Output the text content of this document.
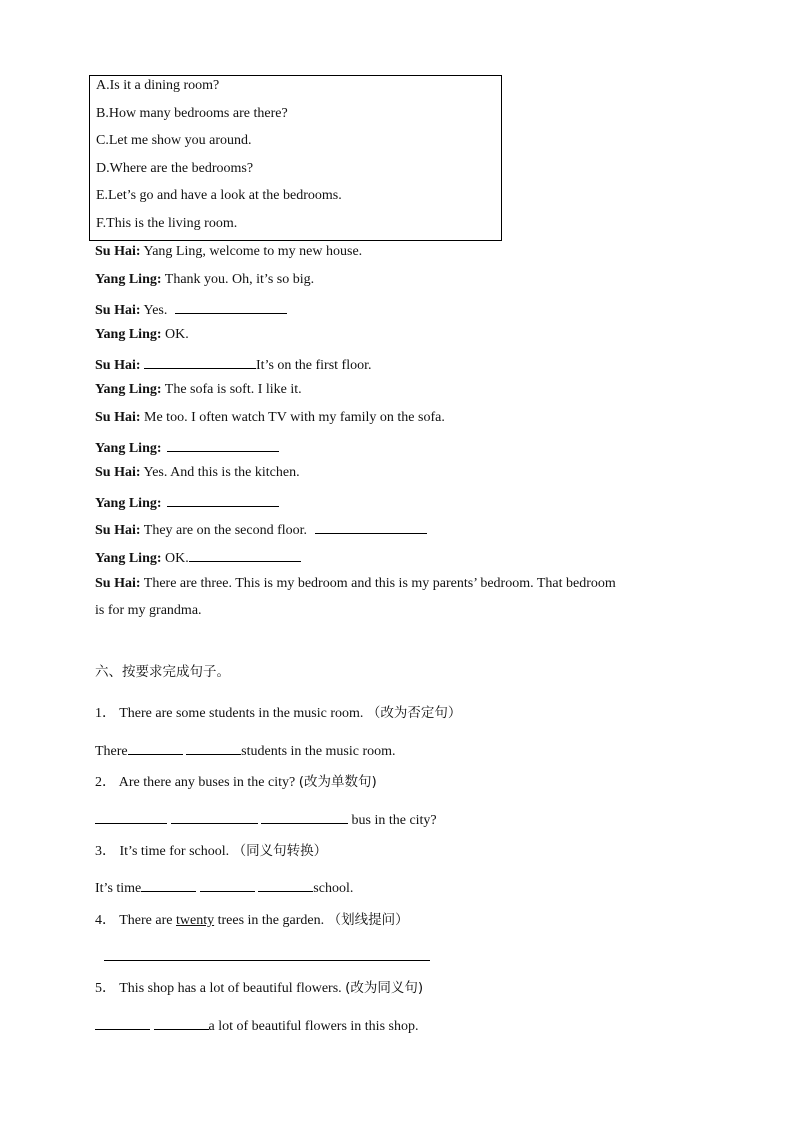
A.Is it a dining room?
B.How many bedrooms are there?
C.Let me show you around.
D.Where are the bedrooms?
E.Let’s go and have a look at the bedrooms.
F.This is the living room.
Su Hai: Yang Ling, welcome to my new house.
Yang Ling: Thank you. Oh, it’s so big.
Su Hai: Yes.
Yang Ling: OK.
Su Hai:	It’s on the first floor.
Yang Ling: The sofa is soft. I like it.
Su Hai: Me too. I often watch TV with my family on the sofa.
Yang Ling:
Su Hai: Yes. And this is the kitchen.
Yang Ling:
Su Hai: They are on the second floor.
Yang Ling: OK.
Su Hai: There are three. This is my bedroom and this is my parents’ bedroom. That bedroom
is for my grandma.
六、按要求完成句子。
1． There are some students in the music room. （改为否定句）
There	students in the music room.
2． Are there any buses in the city? (改为单数句)
bus in the city?
3． It’s time for school. （同义句转换）
It’s time	school.
4． There are twenty trees in the garden. （划线提问）
5． This shop has a lot of beautiful flowers. (改为同义句)
a lot of beautiful flowers in this shop.
